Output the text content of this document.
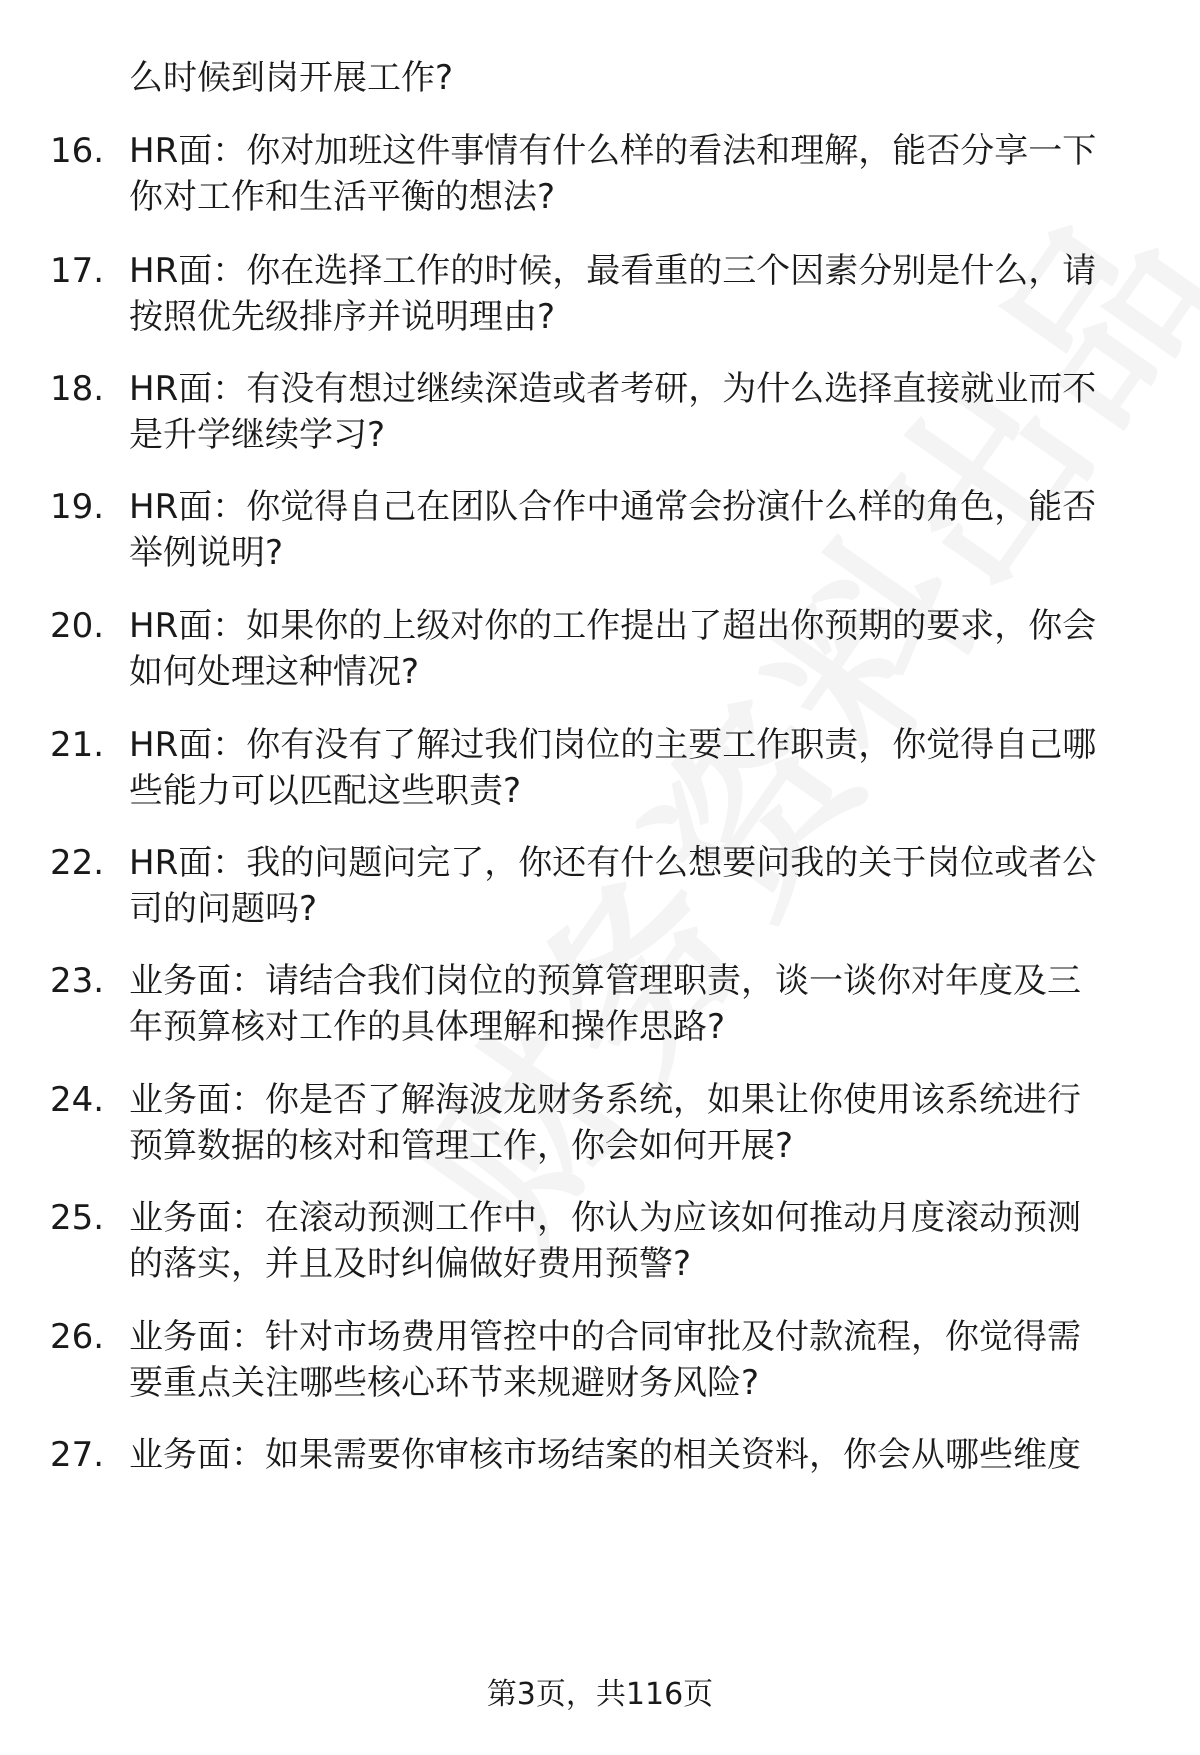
么时候到岗开展工作?
16. HR面：你对加班这件事情有什么样的看法和理解，能否分享一下
你对工作和生活平衡的想法?
17. HR面：你在选择工作的时候，最看重的三个因素分别是什么，请
按照优先级排序并说明理由?
18. HR面：有没有想过继续深造或者考研，为什么选择直接就业而不
是升学继续学习?
19. HR面：你觉得自己在团队合作中通常会扮演什么样的角色，能否
举例说明?
20. HR面：如果你的上级对你的工作提出了超出你预期的要求，你会
如何处理这种情况?
21. HR面：你有没有了解过我们岗位的主要工作职责，你觉得自己哪
些能力可以匹配这些职责?
22. HR面：我的问题问完了，你还有什么想要问我的关于岗位或者公
司的问题吗?
23. 业务面：请结合我们岗位的预算管理职责，谈一谈你对年度及三
年预算核对工作的具体理解和操作思路?
24. 业务面：你是否了解海波龙财务系统，如果让你使用该系统进行
预算数据的核对和管理工作，你会如何开展?
25. 业务面：在滚动预测工作中，你认为应该如何推动月度滚动预测
的落实，并且及时纠偏做好费用预警?
26. 业务面：针对市场费用管控中的合同审批及付款流程，你觉得需
要重点关注哪些核心环节来规避财务风险?
27. 业务面：如果需要你审核市场结案的相关资料，你会从哪些维度
第3页，共116页
